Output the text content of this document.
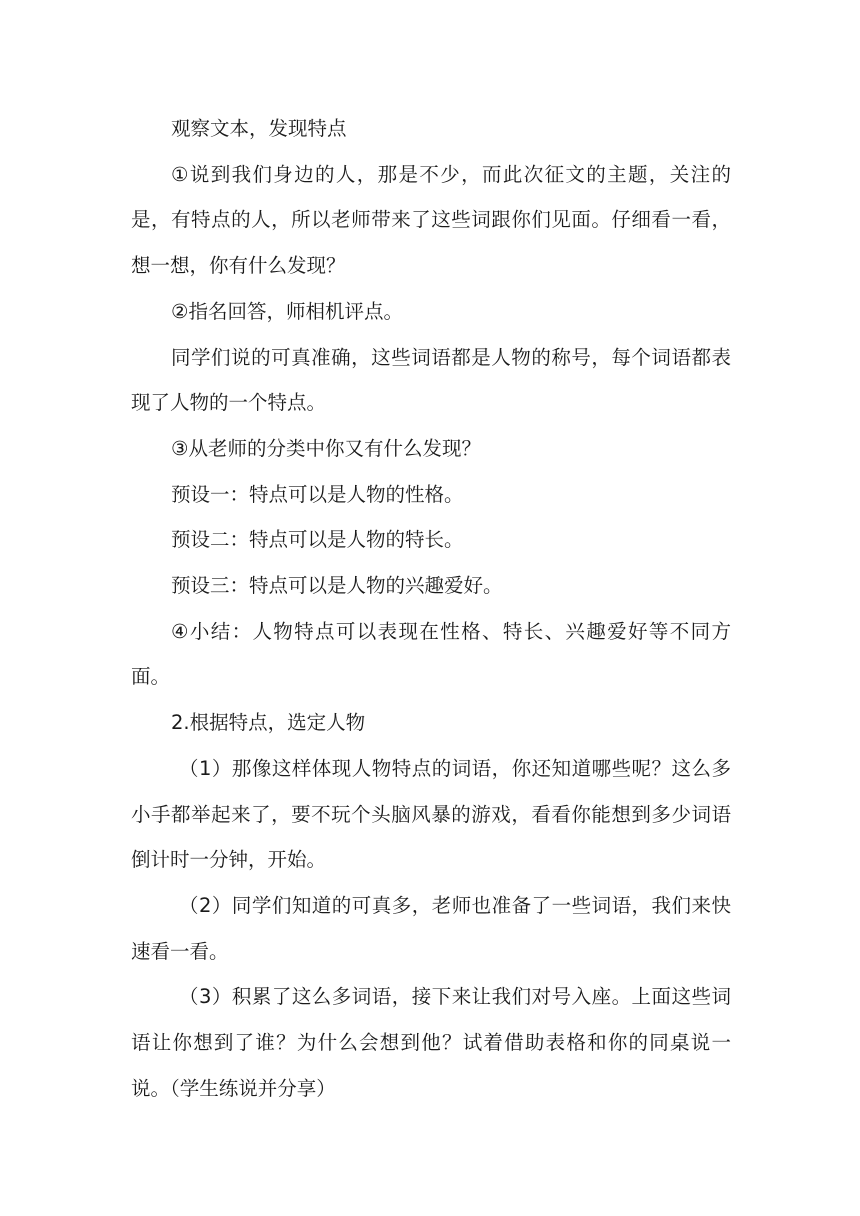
观察文本，发现特点

①说到我们身边的人，那是不少，而此次征文的主题，关注的是，有特点的人，所以老师带来了这些词跟你们见面。仔细看一看，想一想，你有什么发现？

②指名回答，师相机评点。

同学们说的可真准确，这些词语都是人物的称号，每个词语都表现了人物的一个特点。

③从老师的分类中你又有什么发现？

预设一：特点可以是人物的性格。

预设二：特点可以是人物的特长。

预设三：特点可以是人物的兴趣爱好。

④小结：人物特点可以表现在性格、特长、兴趣爱好等不同方面。

2.根据特点，选定人物

（1）那像这样体现人物特点的词语，你还知道哪些呢？这么多小手都举起来了，要不玩个头脑风暴的游戏，看看你能想到多少词语倒计时一分钟，开始。

（2）同学们知道的可真多，老师也准备了一些词语，我们来快速看一看。

（3）积累了这么多词语，接下来让我们对号入座。上面这些词语让你想到了谁？为什么会想到他？试着借助表格和你的同桌说一说。（学生练说并分享）
